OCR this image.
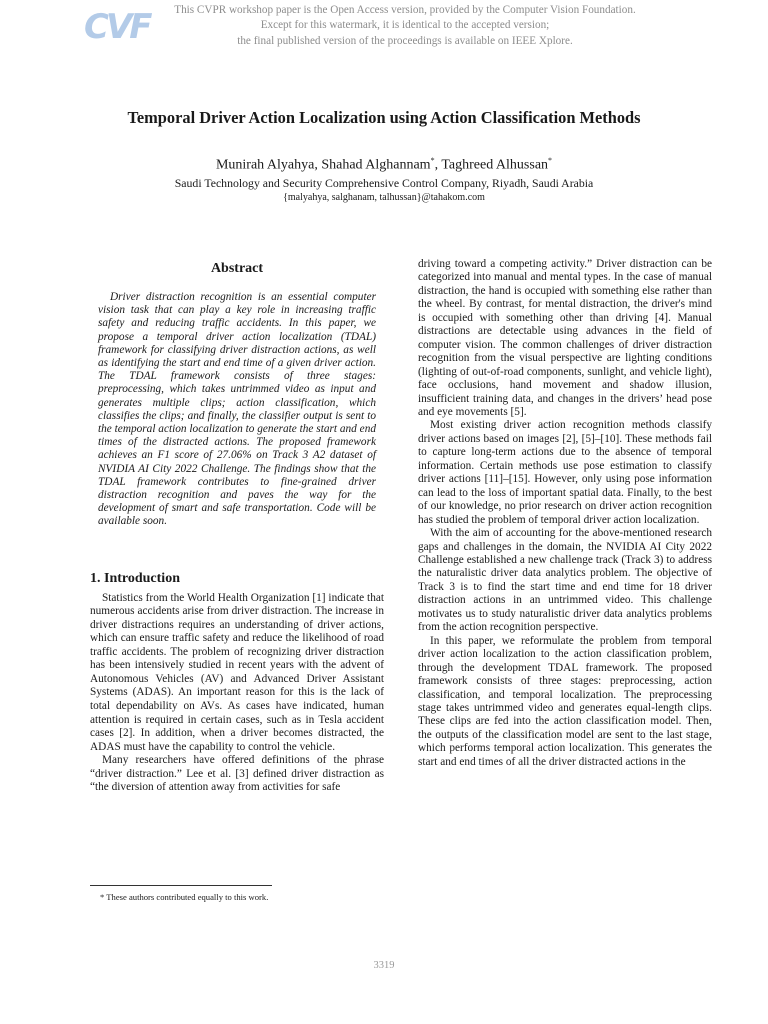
CVF	This CVPR workshop paper is the Open Access version, provided by the Computer Vision Foundation.
Except for this watermark, it is identical to the accepted version;
the final published version of the proceedings is available on IEEE Xplore.
Temporal Driver Action Localization using Action Classification Methods
Munirah Alyahya, Shahad Alghannam*, Taghreed Alhussan*
Saudi Technology and Security Comprehensive Control Company, Riyadh, Saudi Arabia
{malyahya, salghanam, talhussan}@tahakom.com
Abstract

Driver distraction recognition is an essential computer vision task that can play a key role in increasing traffic safety and reducing traffic accidents. In this paper, we propose a temporal driver action localization (TDAL) framework for classifying driver distraction actions, as well as identifying the start and end time of a given driver action. The TDAL framework consists of three stages: preprocessing, which takes untrimmed video as input and generates multiple clips; action classification, which classifies the clips; and finally, the classifier output is sent to the temporal action localization to generate the start and end times of the distracted actions. The proposed framework achieves an F1 score of 27.06% on Track 3 A2 dataset of NVIDIA AI City 2022 Challenge. The findings show that the TDAL framework contributes to fine-grained driver distraction recognition and paves the way for the development of smart and safe transportation. Code will be available soon.

1. Introduction

Statistics from the World Health Organization [1] indicate that numerous accidents arise from driver distraction. The increase in driver distractions requires an understanding of driver actions, which can ensure traffic safety and reduce the likelihood of road traffic accidents. The problem of recognizing driver distraction has been intensively studied in recent years with the advent of Autonomous Vehicles (AV) and Advanced Driver Assistant Systems (ADAS). An important reason for this is the lack of total dependability on AVs. As cases have indicated, human attention is required in certain cases, such as in Tesla accident cases [2]. In addition, when a driver becomes distracted, the ADAS must have the capability to control the vehicle.

Many researchers have offered definitions of the phrase “driver distraction.” Lee et al. [3] defined driver distraction as “the diversion of attention away from activities for safe

driving toward a competing activity.” Driver distraction can be categorized into manual and mental types. In the case of manual distraction, the hand is occupied with something else rather than the wheel. By contrast, for mental distraction, the driver's mind is occupied with something other than driving [4]. Manual distractions are detectable using advances in the field of computer vision. The common challenges of driver distraction recognition from the visual perspective are lighting conditions (lighting of out-of-road components, sunlight, and vehicle light), face occlusions, hand movement and shadow illusion, insufficient training data, and changes in the drivers’ head pose and eye movements [5].

Most existing driver action recognition methods classify driver actions based on images [2], [5]–[10]. These methods fail to capture long-term actions due to the absence of temporal information. Certain methods use pose estimation to classify driver actions [11]–[15]. However, only using pose information can lead to the loss of important spatial data. Finally, to the best of our knowledge, no prior research on driver action recognition has studied the problem of temporal driver action localization.

With the aim of accounting for the above-mentioned research gaps and challenges in the domain, the NVIDIA AI City 2022 Challenge established a new challenge track (Track 3) to address the naturalistic driver data analytics problem. The objective of Track 3 is to find the start time and end time for 18 driver distraction actions in an untrimmed video. This challenge motivates us to study naturalistic driver data analytics problems from the action recognition perspective.

In this paper, we reformulate the problem from temporal driver action localization to the action classification problem, through the development TDAL framework. The proposed framework consists of three stages: preprocessing, action classification, and temporal localization. The preprocessing stage takes untrimmed video and generates equal-length clips. These clips are fed into the action classification model. Then, the outputs of the classification model are sent to the last stage, which performs temporal action localization. This generates the start and end times of all the driver distracted actions in the

* These authors contributed equally to this work.
3319
